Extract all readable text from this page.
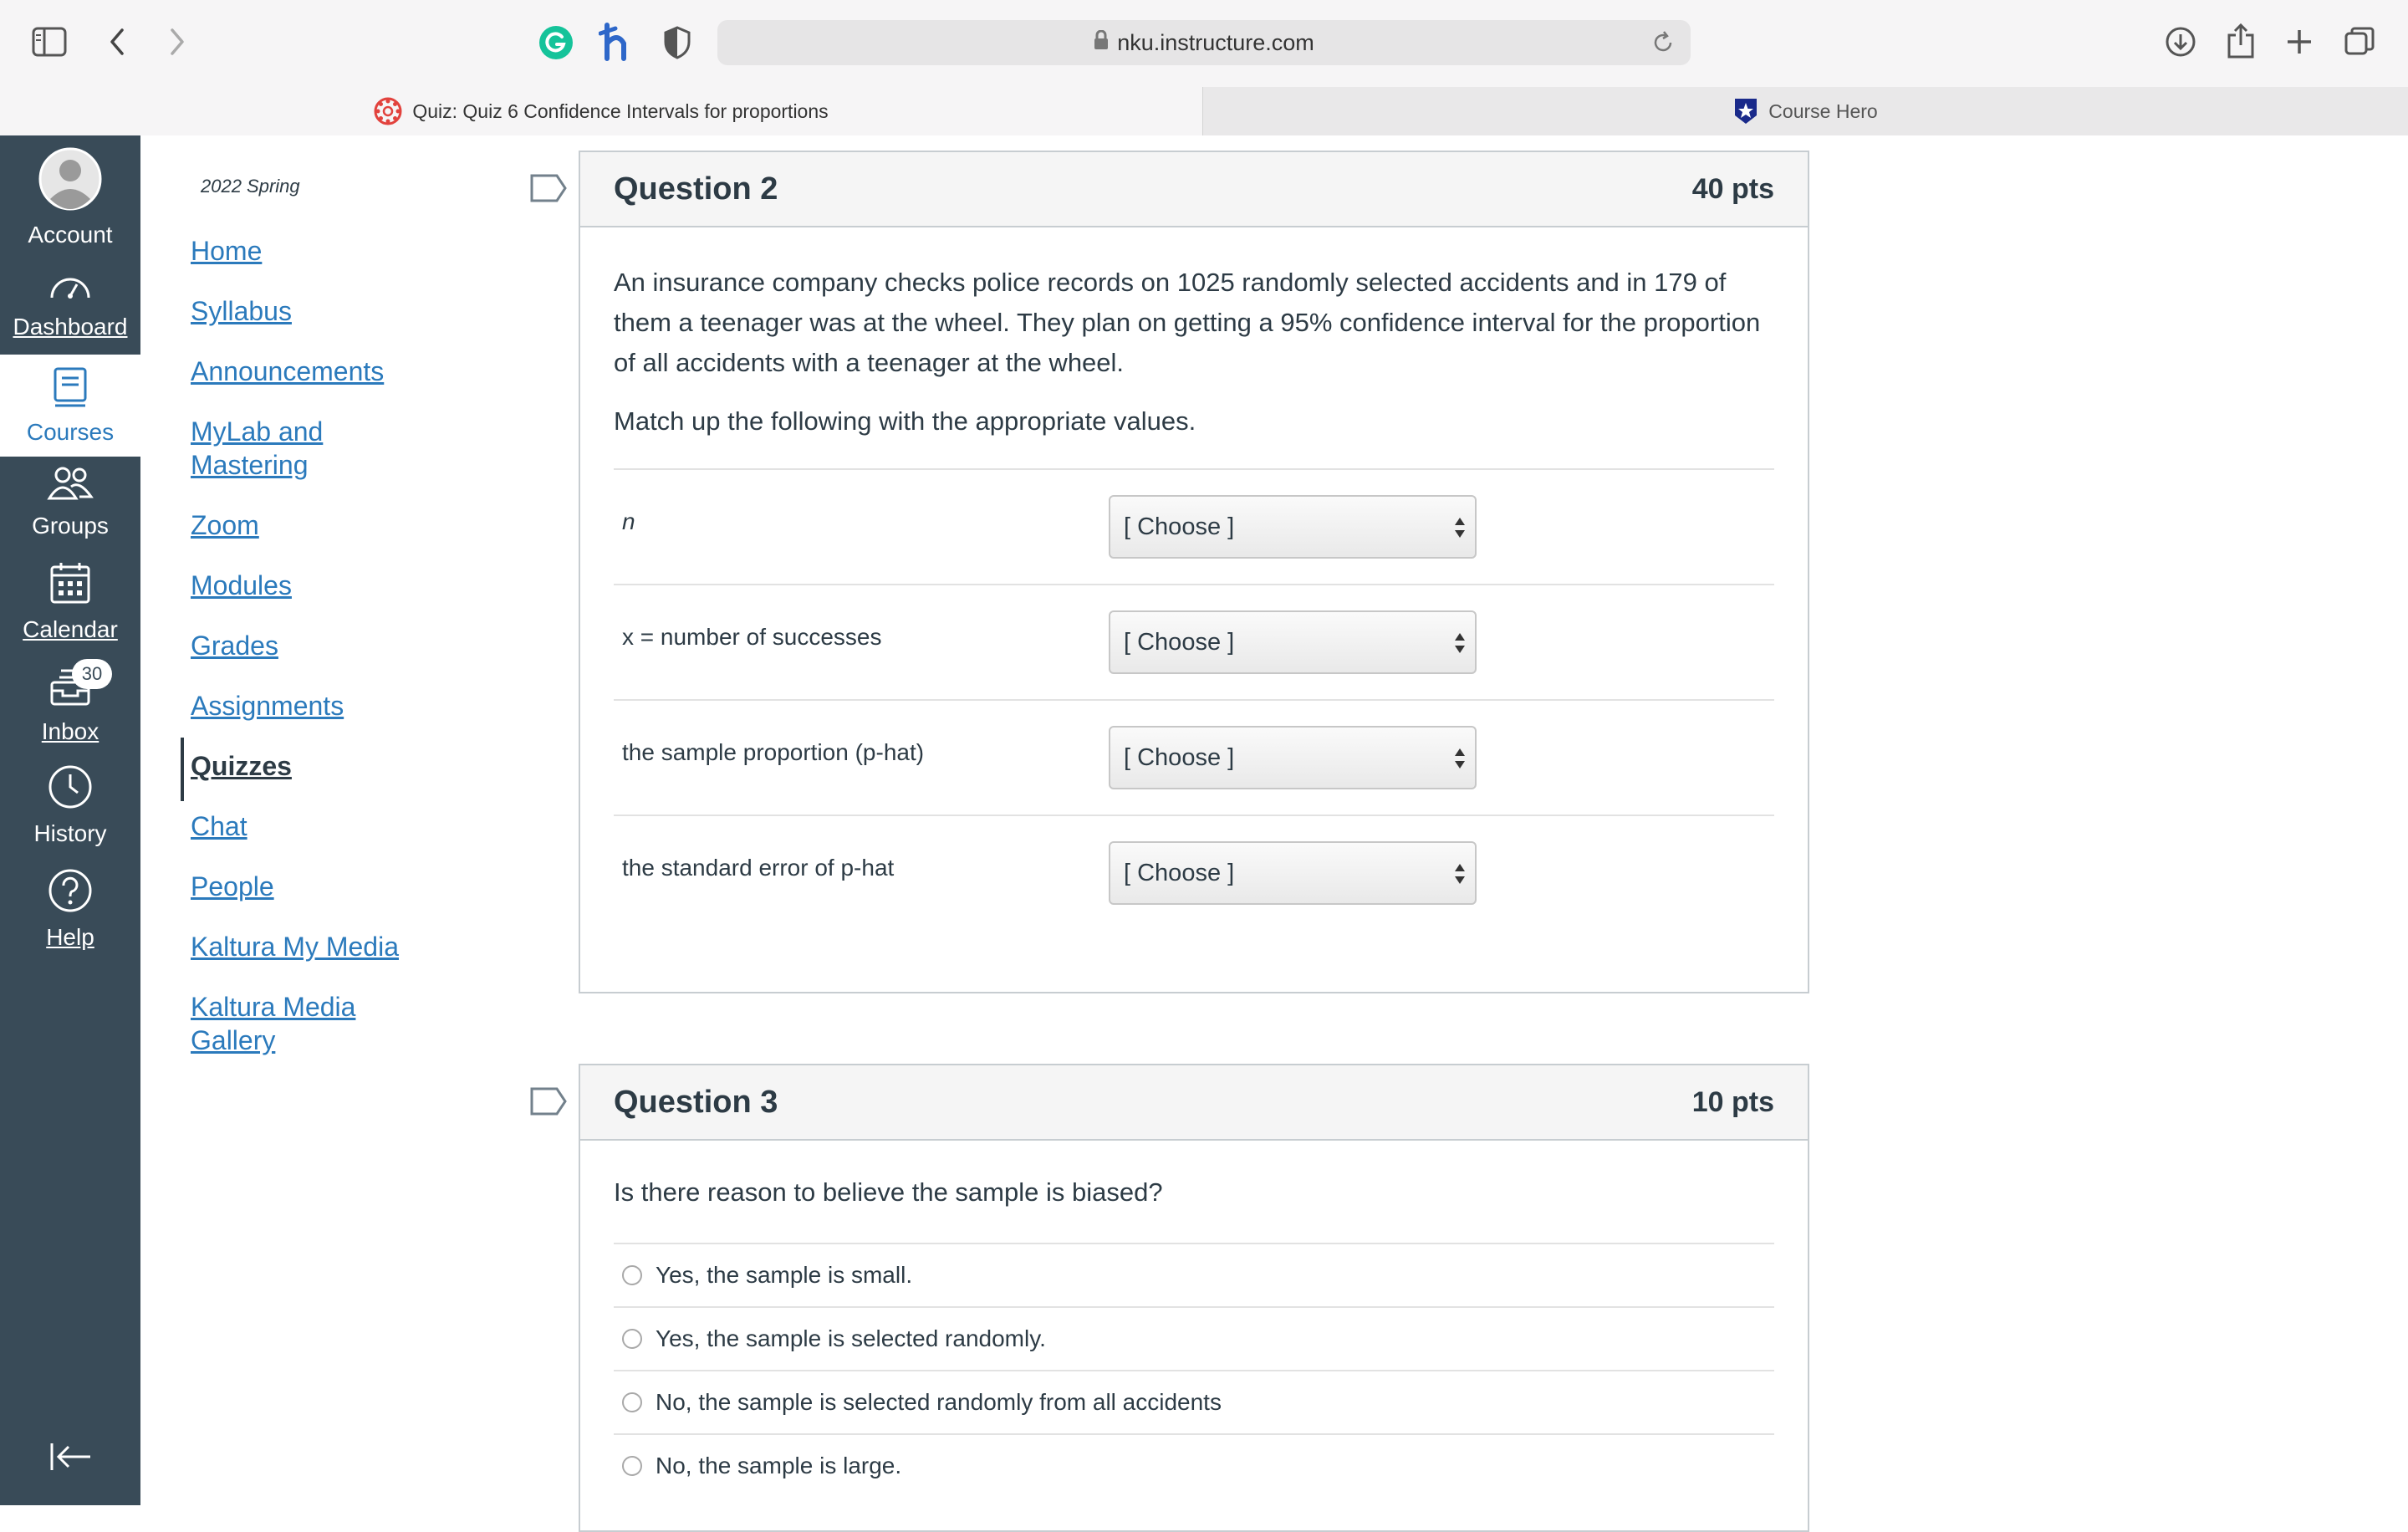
nku.instructure.com
Quiz: Quiz 6 Confidence Intervals for proportions	Course Hero
Account
Dashboard
Courses
Groups
Calendar
30
Inbox
History
Help
2022 Spring
Home
Syllabus
Announcements
MyLab and Mastering
Zoom
Modules
Grades
Assignments
Quizzes
Chat
People
Kaltura My Media
Kaltura Media Gallery
Question 2	40 pts

An insurance company checks police records on 1025 randomly selected accidents and in 179 of them a teenager was at the wheel. They plan on getting a 95% confidence interval for the proportion of all accidents with a teenager at the wheel.

Match up the following with the appropriate values.

n	[ Choose ]
x = number of successes	[ Choose ]
the sample proportion (p-hat)	[ Choose ]
the standard error of p-hat	[ Choose ]
Question 3	10 pts

Is there reason to believe the sample is biased?

Yes, the sample is small.
Yes, the sample is selected randomly.
No, the sample is selected randomly from all accidents
No, the sample is large.
